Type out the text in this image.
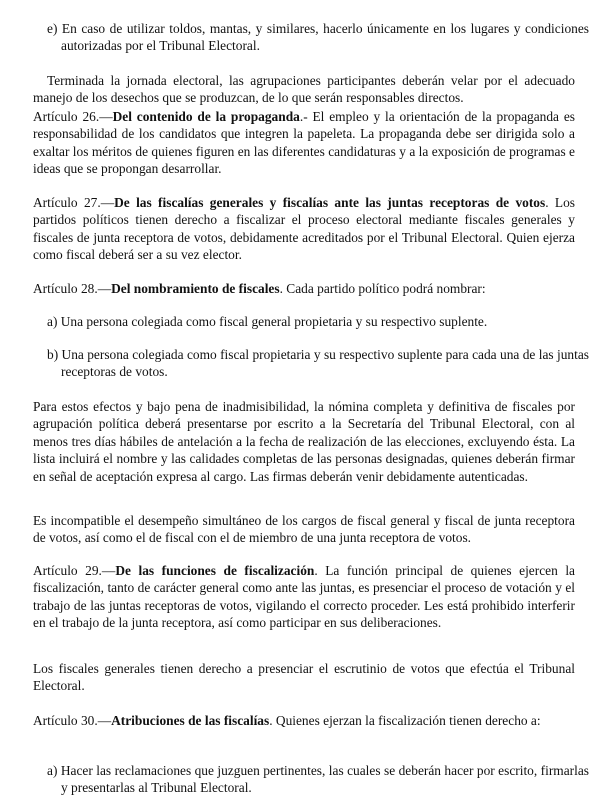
e) En caso de utilizar toldos, mantas, y similares, hacerlo únicamente en los lugares y condiciones autorizadas por el Tribunal Electoral.

Terminada la jornada electoral, las agrupaciones participantes deberán velar por el adecuado manejo de los desechos que se produzcan, de lo que serán responsables directos.

Artículo 26.—Del contenido de la propaganda.- El empleo y la orientación de la propaganda es responsabilidad de los candidatos que integren la papeleta. La propaganda debe ser dirigida solo a exaltar los méritos de quienes figuren en las diferentes candidaturas y a la exposición de programas e ideas que se propongan desarrollar.

Artículo 27.—De las fiscalías generales y fiscalías ante las juntas receptoras de votos. Los partidos políticos tienen derecho a fiscalizar el proceso electoral mediante fiscales generales y fiscales de junta receptora de votos, debidamente acreditados por el Tribunal Electoral. Quien ejerza como fiscal deberá ser a su vez elector.

Artículo 28.—Del nombramiento de fiscales. Cada partido político podrá nombrar:

a) Una persona colegiada como fiscal general propietaria y su respectivo suplente.

b) Una persona colegiada como fiscal propietaria y su respectivo suplente para cada una de las juntas receptoras de votos.

Para estos efectos y bajo pena de inadmisibilidad, la nómina completa y definitiva de fiscales por agrupación política deberá presentarse por escrito a la Secretaría del Tribunal Electoral, con al menos tres días hábiles de antelación a la fecha de realización de las elecciones, excluyendo ésta. La lista incluirá el nombre y las calidades completas de las personas designadas, quienes deberán firmar en señal de aceptación expresa al cargo. Las firmas deberán venir debidamente autenticadas.

Es incompatible el desempeño simultáneo de los cargos de fiscal general y fiscal de junta receptora de votos, así como el de fiscal con el de miembro de una junta receptora de votos.

Artículo 29.—De las funciones de fiscalización. La función principal de quienes ejercen la fiscalización, tanto de carácter general como ante las juntas, es presenciar el proceso de votación y el trabajo de las juntas receptoras de votos, vigilando el correcto proceder. Les está prohibido interferir en el trabajo de la junta receptora, así como participar en sus deliberaciones.

Los fiscales generales tienen derecho a presenciar el escrutinio de votos que efectúa el Tribunal Electoral.

Artículo 30.—Atribuciones de las fiscalías. Quienes ejerzan la fiscalización tienen derecho a:

a) Hacer las reclamaciones que juzguen pertinentes, las cuales se deberán hacer por escrito, firmarlas y presentarlas al Tribunal Electoral.
